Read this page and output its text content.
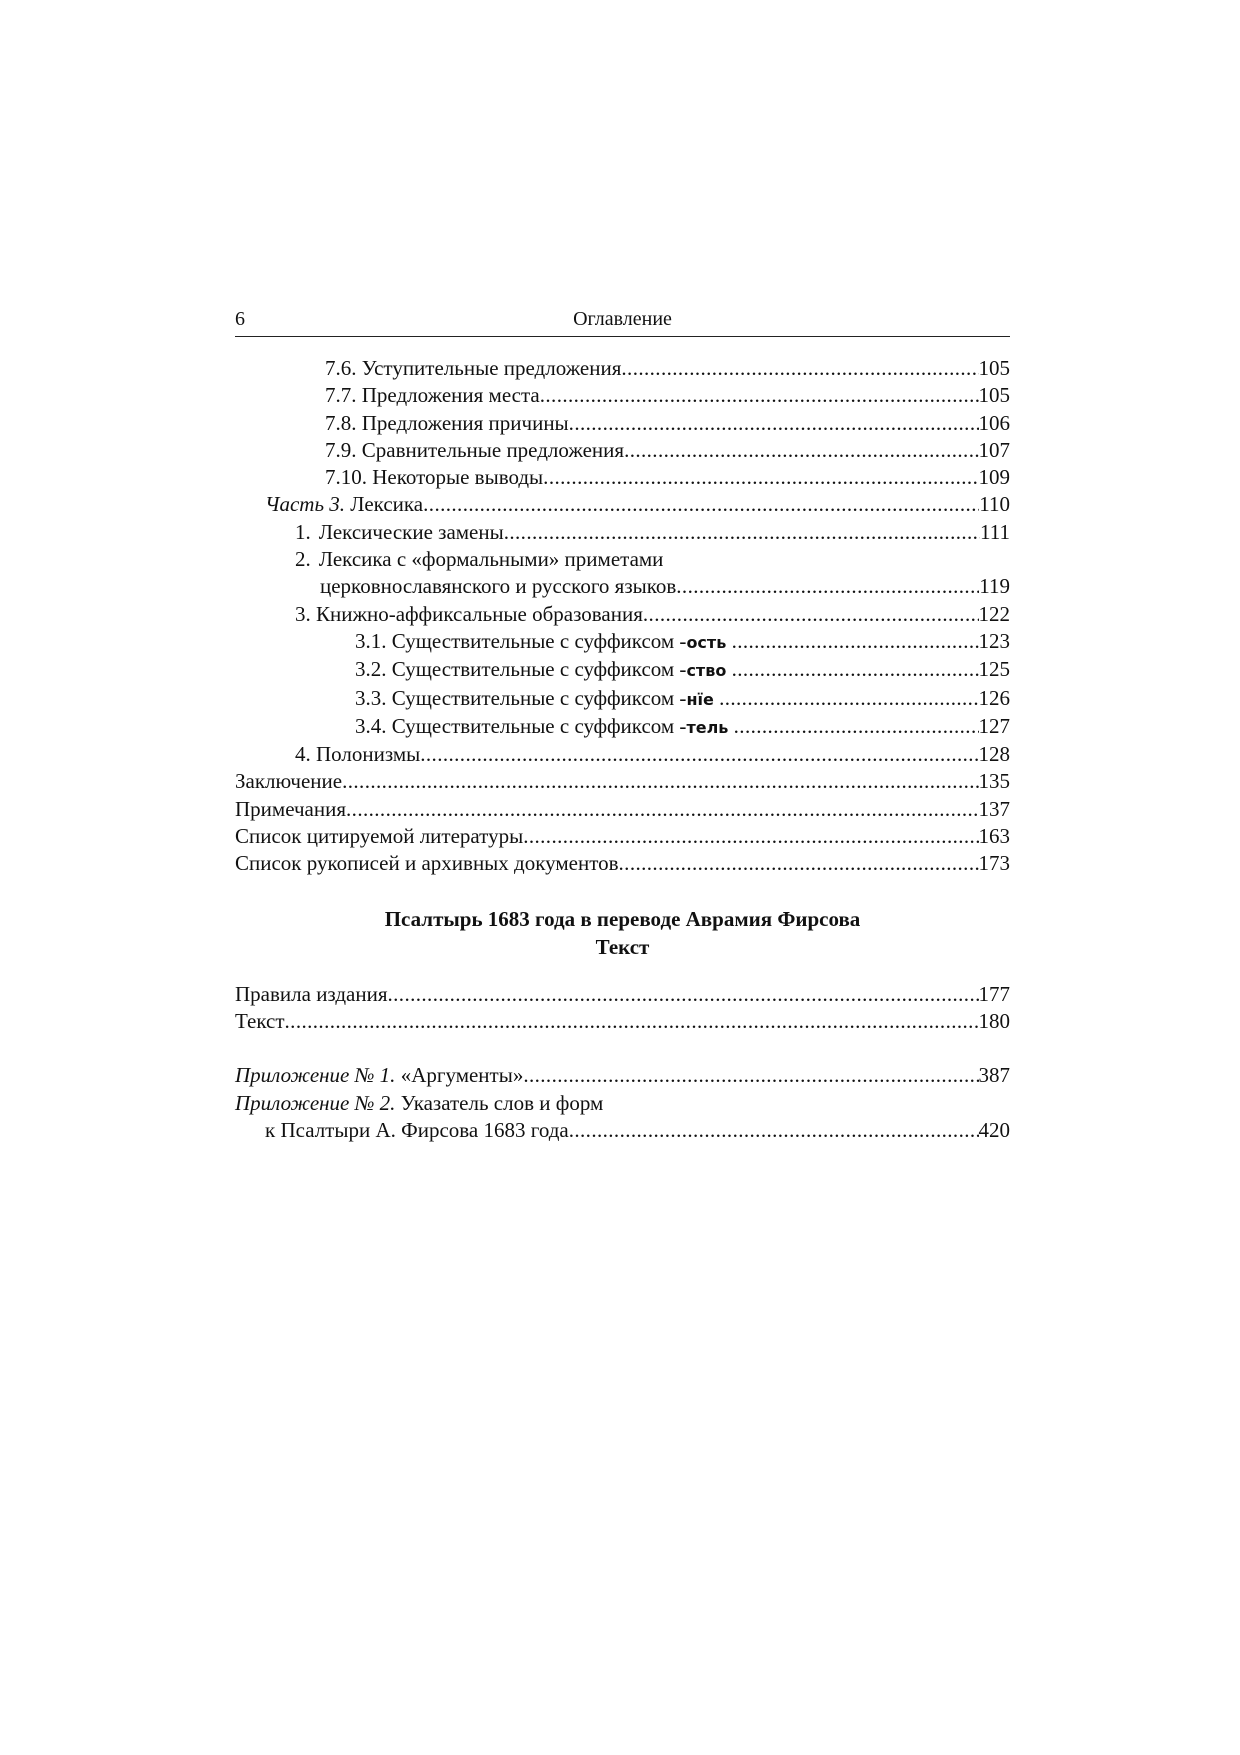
6	Оглавление
7.6. Уступительные предложения .....	105
7.7. Предложения места .....	105
7.8. Предложения причины .....	106
7.9. Сравнительные предложения .....	107
7.10. Некоторые выводы .....	109
Часть 3. Лексика .....	110
1. Лексические замены .....	111
2. Лексика с «формальными» приметами
церковнославянского и русского языков .....	119
3. Книжно-аффиксальные образования .....	122
3.1. Существительные с суффиксом -ость .....	123
3.2. Существительные с суффиксом -ство .....	125
3.3. Существительные с суффиксом -нїе .....	126
3.4. Существительные с суффиксом -тель .....	127
4. Полонизмы .....	128
Заключение .....	135
Примечания .....	137
Список цитируемой литературы .....	163
Список рукописей и архивных документов .....	173
Псалтырь 1683 года в переводе Аврамия Фирсова
Текст
Правила издания .....	177
Текст .....	180
Приложение № 1. «Аргументы» .....	387
Приложение № 2. Указатель слов и форм
к Псалтыри А. Фирсова 1683 года .....	420
